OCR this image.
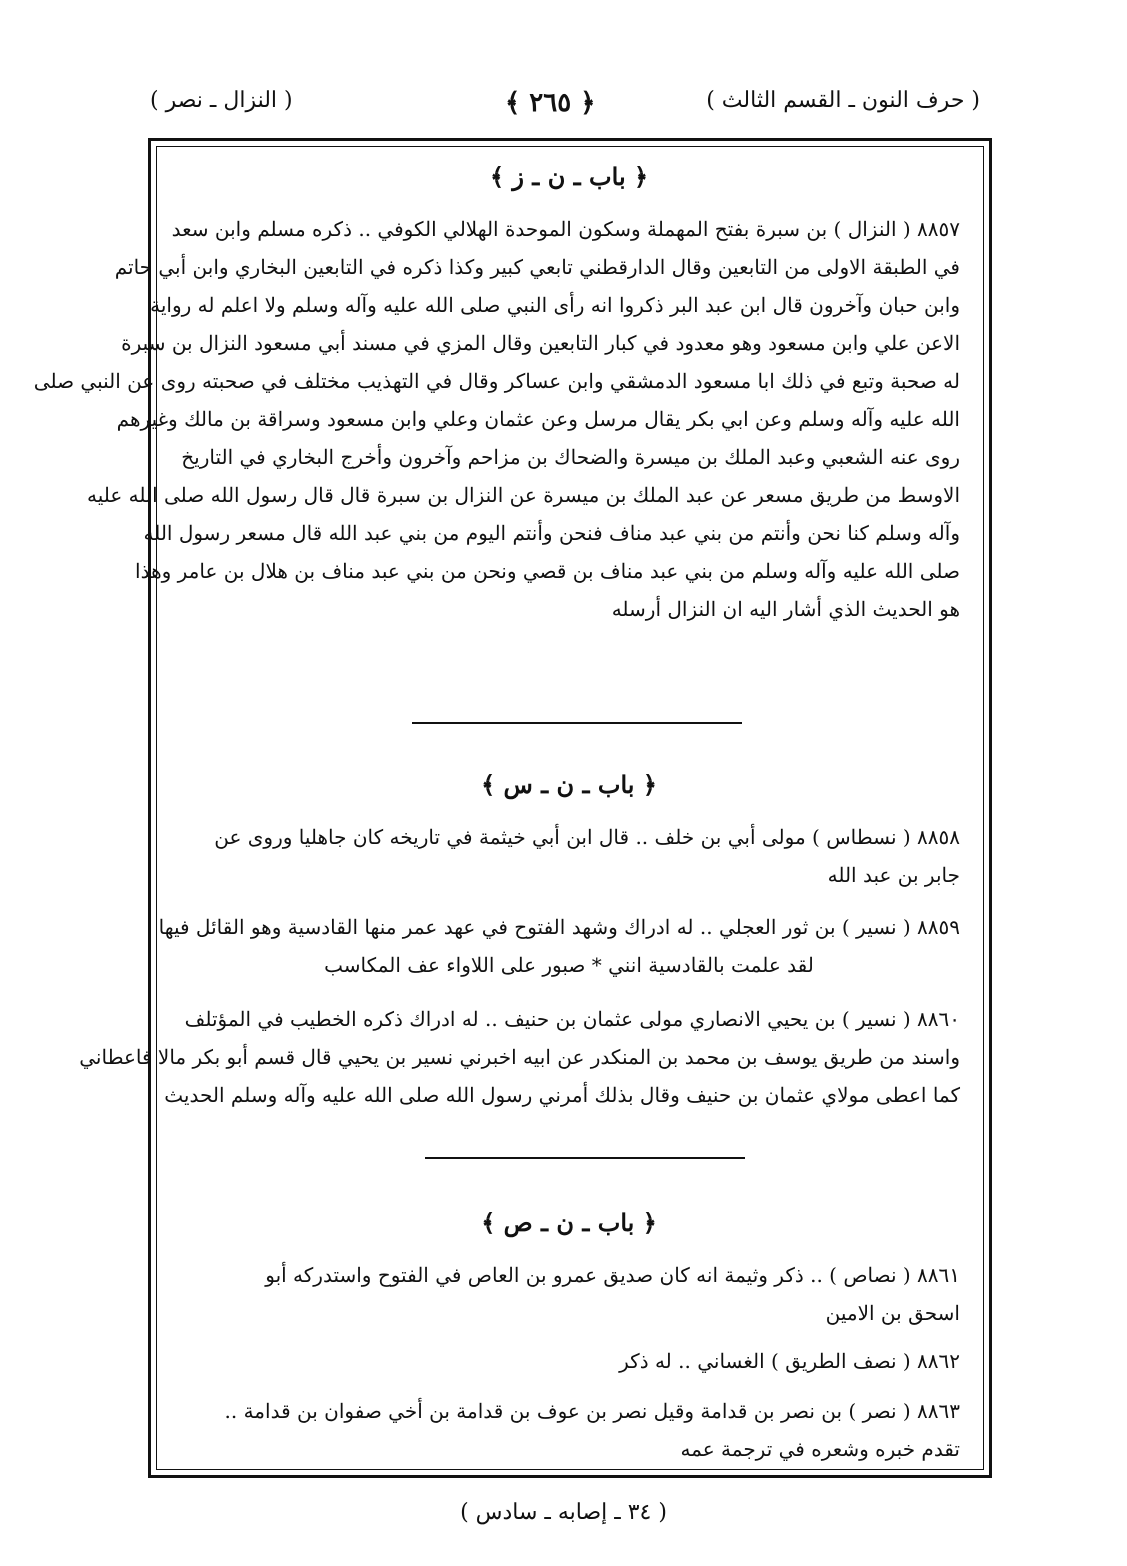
( حرف النون ـ القسم الثالث )
﴿ ٢٦٥ ﴾
( النزال ـ نصر )
﴿ باب ـ ن ـ ز ﴾
٨٨٥٧ ( النزال ) بن سبرة بفتح المهملة وسكون الموحدة الهلالي الكوفي .. ذكره مسلم وابن سعد
في الطبقة الاولى من التابعين وقال الدارقطني تابعي كبير وكذا ذكره في التابعين البخاري وابن أبي حاتم
وابن حبان وآخرون قال ابن عبد البر ذكروا انه رأى النبي صلى الله عليه وآله وسلم ولا اعلم له رواية
الاعن علي وابن مسعود وهو معدود في كبار التابعين وقال المزي في مسند أبي مسعود النزال بن سبرة
له صحبة وتبع في ذلك ابا مسعود الدمشقي وابن عساكر وقال في التهذيب مختلف في صحبته روى عن النبي صلى
الله عليه وآله وسلم وعن ابي بكر يقال مرسل وعن عثمان وعلي وابن مسعود وسراقة بن مالك وغيرهم
روى عنه الشعبي وعبد الملك بن ميسرة والضحاك بن مزاحم وآخرون وأخرج البخاري في التاريخ
الاوسط من طريق مسعر عن عبد الملك بن ميسرة عن النزال بن سبرة قال قال رسول الله صلى الله عليه
وآله وسلم كنا نحن وأنتم من بني عبد مناف فنحن وأنتم اليوم من بني عبد الله قال مسعر رسول الله
صلى الله عليه وآله وسلم من بني عبد مناف بن قصي ونحن من بني عبد مناف بن هلال بن عامر وهذا
هو الحديث الذي أشار اليه ان النزال أرسله
﴿ باب ـ ن ـ س ﴾
٨٨٥٨ ( نسطاس ) مولى أبي بن خلف .. قال ابن أبي خيثمة في تاريخه كان جاهليا وروى عن
جابر بن عبد الله
٨٨٥٩ ( نسير ) بن ثور العجلي .. له ادراك وشهد الفتوح في عهد عمر منها القادسية وهو القائل فيها
لقد علمت بالقادسية انني * صبور على اللاواء عف المكاسب
٨٨٦٠ ( نسير ) بن يحيي الانصاري مولى عثمان بن حنيف .. له ادراك ذكره الخطيب في المؤتلف
واسند من طريق يوسف بن محمد بن المنكدر عن ابيه اخبرني نسير بن يحيي قال قسم أبو بكر مالا فاعطاني
كما اعطى مولاي عثمان بن حنيف وقال بذلك أمرني رسول الله صلى الله عليه وآله وسلم الحديث
﴿ باب ـ ن ـ ص ﴾
٨٨٦١ ( نصاص ) .. ذكر وثيمة انه كان صديق عمرو بن العاص في الفتوح واستدركه أبو
اسحق بن الامين
٨٨٦٢ ( نصف الطريق ) الغساني .. له ذكر
٨٨٦٣ ( نصر ) بن نصر بن قدامة وقيل نصر بن عوف بن قدامة بن أخي صفوان بن قدامة ..
تقدم خبره وشعره في ترجمة عمه
( ٣٤ ـ إصابه ـ سادس )
